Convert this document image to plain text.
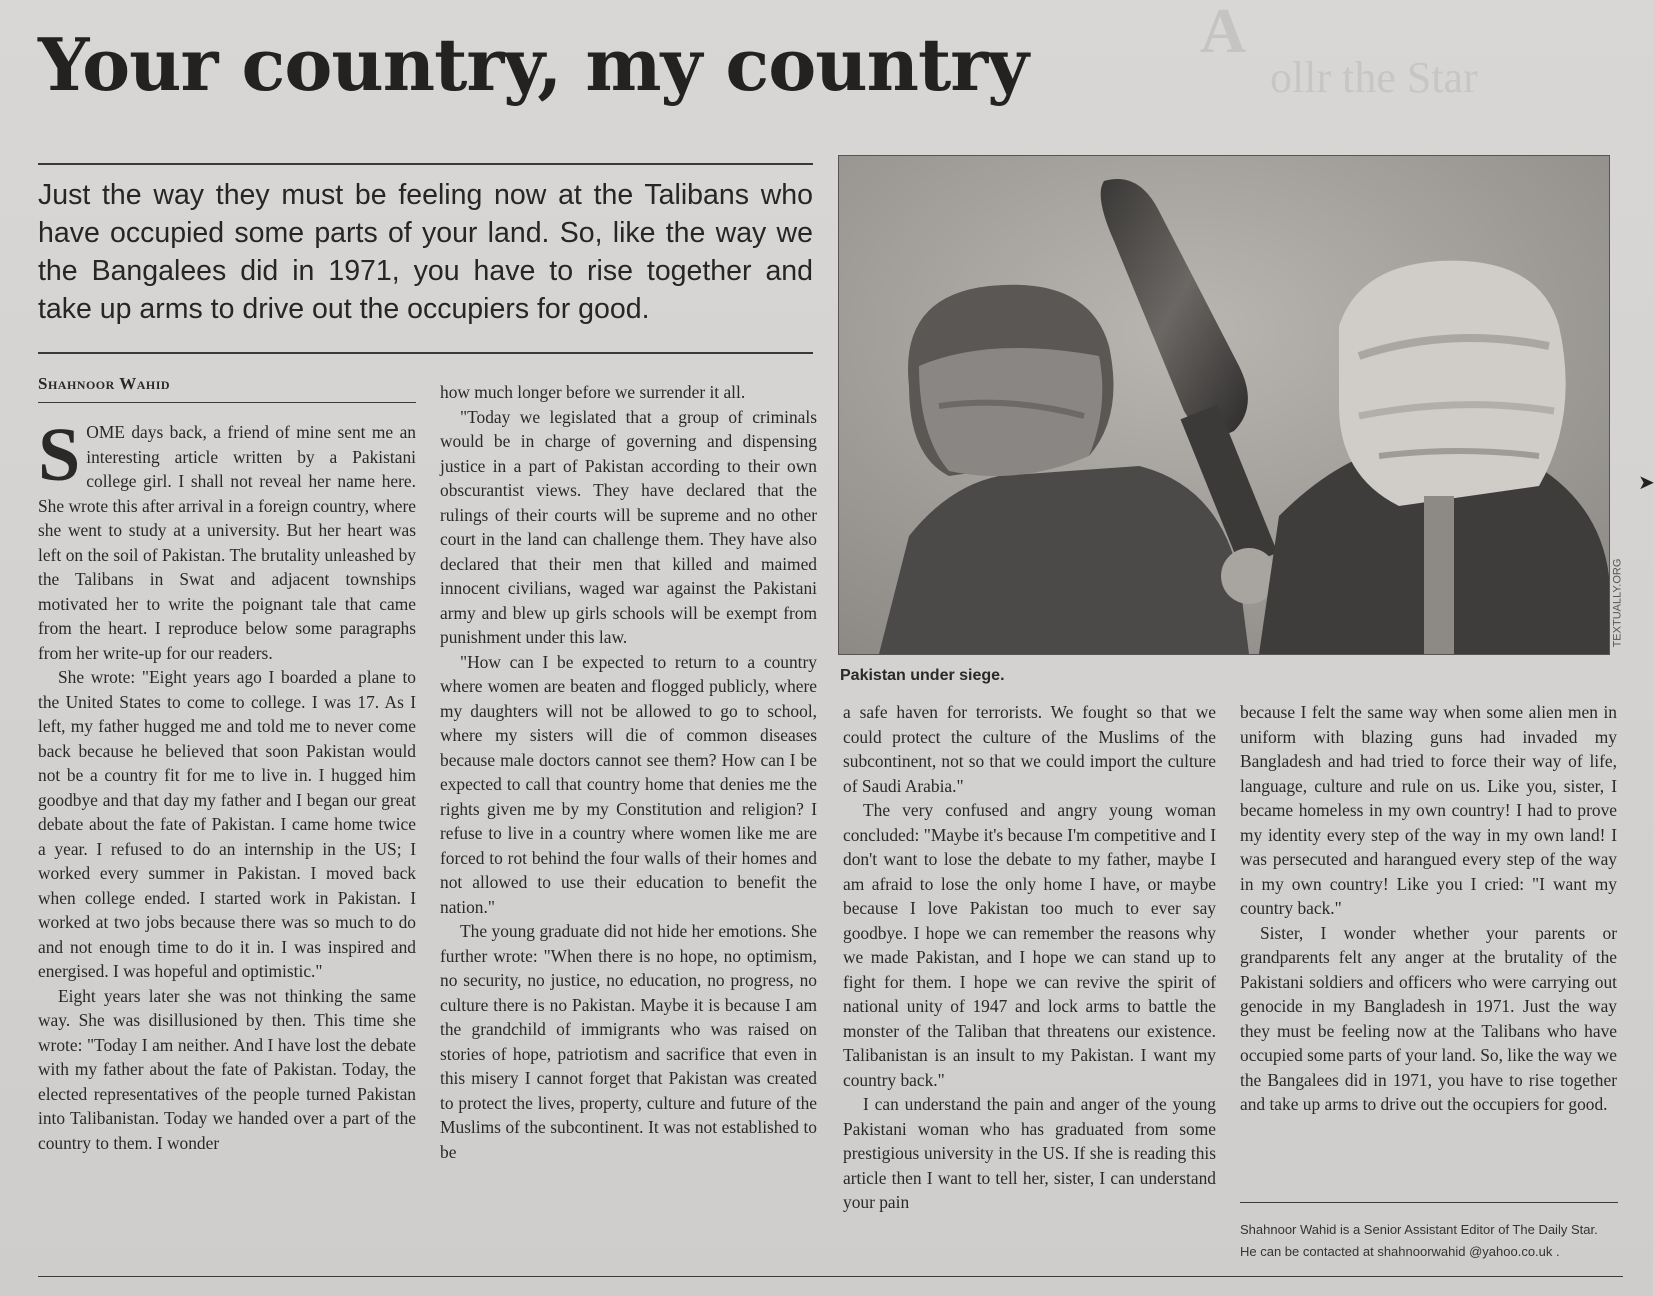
A
ollr the Star
Your country, my country
Just the way they must be feeling now at the Talibans who have occupied some parts of your land. So, like the way we the Bangalees did in 1971, you have to rise together and take up arms to drive out the occupiers for good.
Shahnoor Wahid

SOME days back, a friend of mine sent me an interesting article written by a Pakistani college girl. I shall not reveal her name here. She wrote this after arrival in a foreign country, where she went to study at a university. But her heart was left on the soil of Pakistan. The brutality unleashed by the Talibans in Swat and adjacent townships motivated her to write the poignant tale that came from the heart. I reproduce below some paragraphs from her write-up for our readers.

She wrote: "Eight years ago I boarded a plane to the United States to come to college. I was 17. As I left, my father hugged me and told me to never come back because he believed that soon Pakistan would not be a country fit for me to live in. I hugged him goodbye and that day my father and I began our great debate about the fate of Pakistan. I came home twice a year. I refused to do an internship in the US; I worked every summer in Pakistan. I moved back when college ended. I started work in Pakistan. I worked at two jobs because there was so much to do and not enough time to do it in. I was inspired and energised. I was hopeful and optimistic."

Eight years later she was not thinking the same way. She was disillusioned by then. This time she wrote: "Today I am neither. And I have lost the debate with my father about the fate of Pakistan. Today, the elected representatives of the people turned Pakistan into Talibanistan. Today we handed over a part of the country to them. I wonder

how much longer before we surrender it all.

"Today we legislated that a group of criminals would be in charge of governing and dispensing justice in a part of Pakistan according to their own obscurantist views. They have declared that the rulings of their courts will be supreme and no other court in the land can challenge them. They have also declared that their men that killed and maimed innocent civilians, waged war against the Pakistani army and blew up girls schools will be exempt from punishment under this law.

"How can I be expected to return to a country where women are beaten and flogged publicly, where my daughters will not be allowed to go to school, where my sisters will die of common diseases because male doctors cannot see them? How can I be expected to call that country home that denies me the rights given me by my Constitution and religion? I refuse to live in a country where women like me are forced to rot behind the four walls of their homes and not allowed to use their education to benefit the nation."

The young graduate did not hide her emotions. She further wrote: "When there is no hope, no optimism, no security, no justice, no education, no progress, no culture there is no Pakistan. Maybe it is because I am the grandchild of immigrants who was raised on stories of hope, patriotism and sacrifice that even in this misery I cannot forget that Pakistan was created to protect the lives, property, culture and future of the Muslims of the subcontinent. It was not established to be

TEXTUALLY.ORG
Pakistan under siege.

a safe haven for terrorists. We fought so that we could protect the culture of the Muslims of the subcontinent, not so that we could import the culture of Saudi Arabia."

The very confused and angry young woman concluded: "Maybe it's because I'm competitive and I don't want to lose the debate to my father, maybe I am afraid to lose the only home I have, or maybe because I love Pakistan too much to ever say goodbye. I hope we can remember the reasons why we made Pakistan, and I hope we can stand up to fight for them. I hope we can revive the spirit of national unity of 1947 and lock arms to battle the monster of the Taliban that threatens our existence. Talibanistan is an insult to my Pakistan. I want my country back."

I can understand the pain and anger of the young Pakistani woman who has graduated from some prestigious university in the US. If she is reading this article then I want to tell her, sister, I can understand your pain

because I felt the same way when some alien men in uniform with blazing guns had invaded my Bangladesh and had tried to force their way of life, language, culture and rule on us. Like you, sister, I became homeless in my own country! I had to prove my identity every step of the way in my own land! I was persecuted and harangued every step of the way in my own country! Like you I cried: "I want my country back."

Sister, I wonder whether your parents or grandparents felt any anger at the brutality of the Pakistani soldiers and officers who were carrying out genocide in my Bangladesh in 1971. Just the way they must be feeling now at the Talibans who have occupied some parts of your land. So, like the way we the Bangalees did in 1971, you have to rise together and take up arms to drive out the occupiers for good.

Shahnoor Wahid is a Senior Assistant Editor of The Daily Star.
He can be contacted at shahnoorwahid @yahoo.co.uk .
➤
